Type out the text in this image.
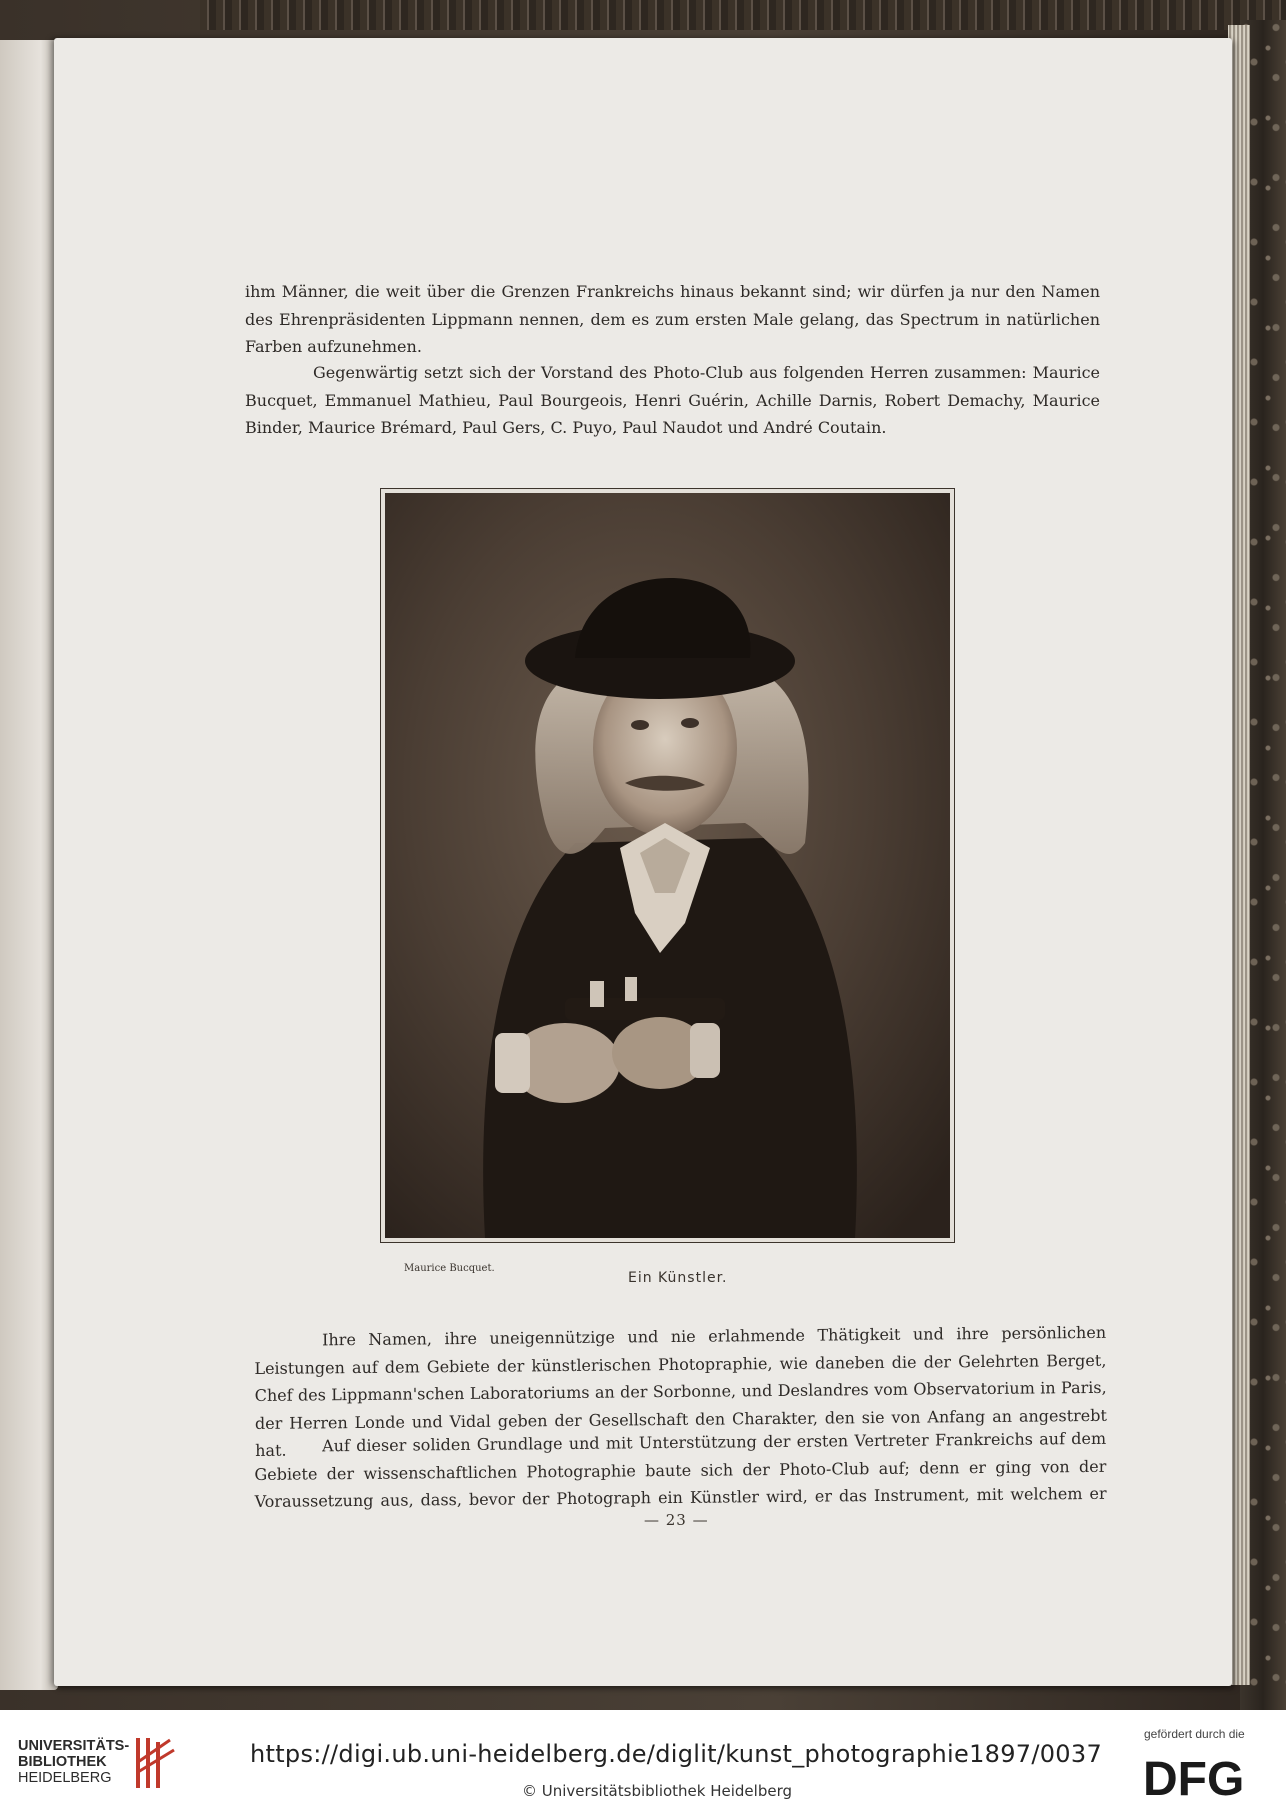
ihm Männer, die weit über die Grenzen Frankreichs hinaus bekannt sind; wir dürfen ja nur den Namen des Ehrenpräsidenten Lippmann nennen, dem es zum ersten Male gelang, das Spectrum in natürlichen Farben aufzunehmen.

Gegenwärtig setzt sich der Vorstand des Photo-Club aus folgenden Herren zusammen: Maurice Bucquet, Emmanuel Mathieu, Paul Bourgeois, Henri Guérin, Achille Darnis, Robert Demachy, Maurice Binder, Maurice Brémard, Paul Gers, C. Puyo, Paul Naudot und André Coutain.

Maurice Bucquet.
Ein Künstler.

Ihre Namen, ihre uneigennützige und nie erlahmende Thätigkeit und ihre persönlichen Leistungen auf dem Gebiete der künstlerischen Photopraphie, wie daneben die der Gelehrten Berget, Chef des Lippmann'schen Laboratoriums an der Sorbonne, und Deslandres vom Observatorium in Paris, der Herren Londe und Vidal geben der Gesellschaft den Charakter, den sie von Anfang an angestrebt hat.	Auf dieser soliden Grundlage und mit Unterstützung der ersten Vertreter Frankreichs auf dem Gebiete der wissenschaftlichen Photographie baute sich der Photo-Club auf; denn er ging von der Voraussetzung aus, dass, bevor der Photograph ein Künstler wird, er das Instrument, mit welchem er

— 23 —
UNIVERSITÄTS-
BIBLIOTHEK
HEIDELBERG
https://digi.ub.uni-heidelberg.de/diglit/kunst_photographie1897/0037
© Universitätsbibliothek Heidelberg
gefördert durch die
DFG
